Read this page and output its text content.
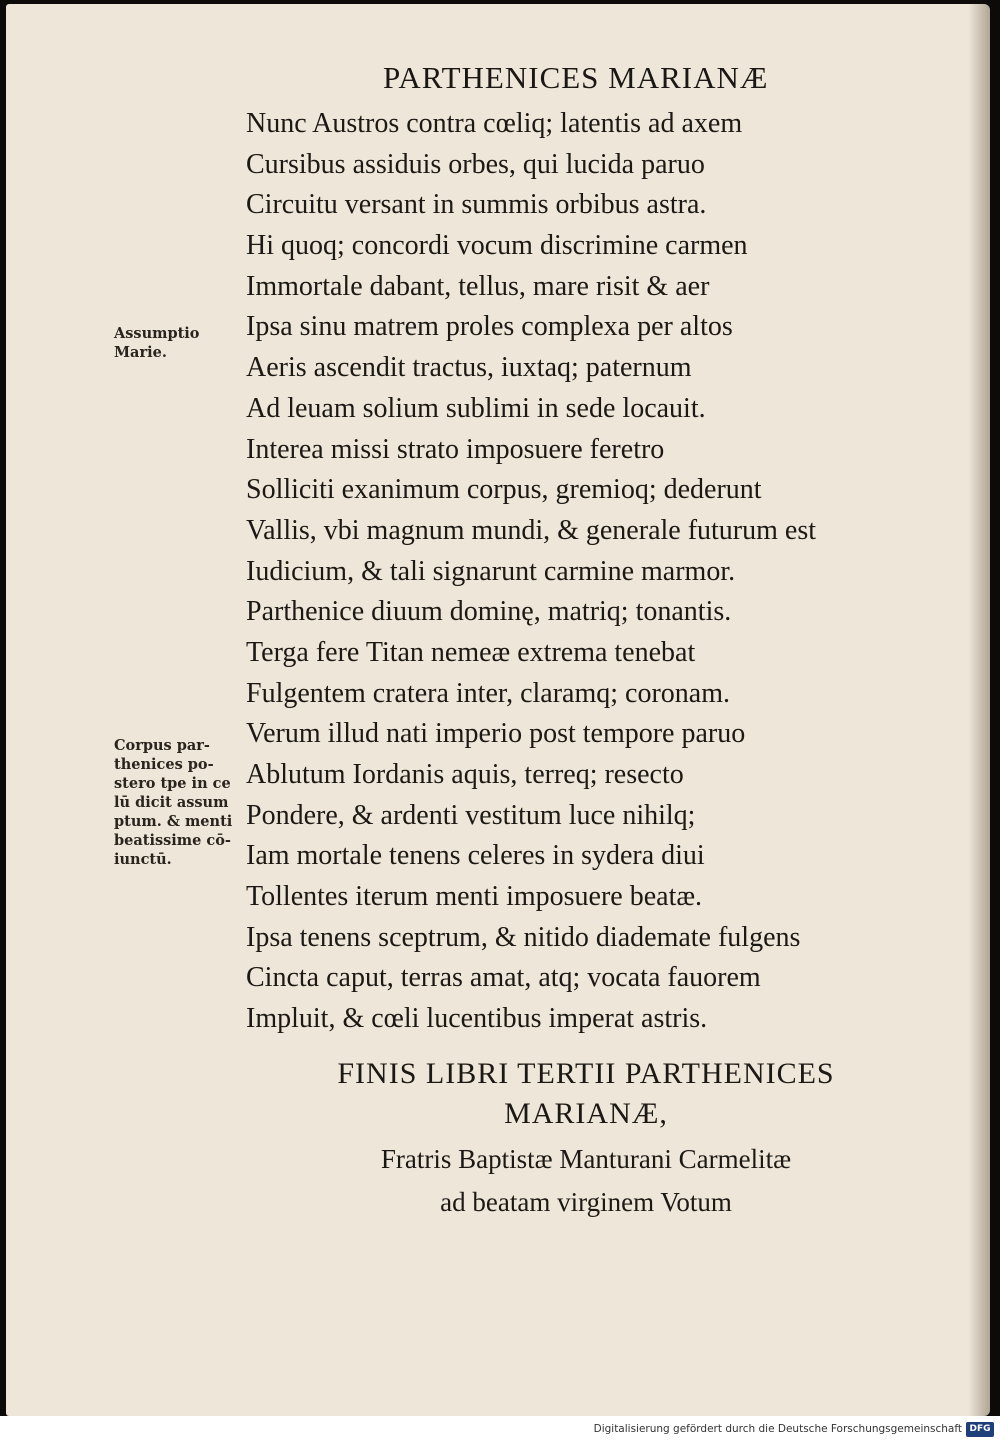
PARTHENICES MARIANÆ
Nunc Austros contra cœliq; latentis ad axem
Cursibus assiduis orbes, qui lucida paruo
Circuitu versant in summis orbibus astra.
Hi quoq; concordi vocum discrimine carmen
Immortale dabant, tellus, mare risit & aer
Ipsa sinu matrem proles complexa per altos
Aeris ascendit tractus, iuxtaq; paternum
Ad leuam solium sublimi in sede locauit.
Interea missi strato imposuere feretro
Solliciti exanimum corpus, gremioq; dederunt
Vallis, vbi magnum mundi, & generale futurum est
Iudicium, & tali signarunt carmine marmor.
Parthenice diuum dominę, matriq; tonantis.
Terga fere Titan nemeæ extrema tenebat
Fulgentem cratera inter, claramq; coronam.
Verum illud nati imperio post tempore paruo
Ablutum Iordanis aquis, terreq; resecto
Pondere, & ardenti vestitum luce nihilq;
Iam mortale tenens celeres in sydera diui
Tollentes iterum menti imposuere beatæ.
Ipsa tenens sceptrum, & nitido diademate fulgens
Cincta caput, terras amat, atq; vocata fauorem
Impluit, & cœli lucentibus imperat astris.
Assumptio
Marie.
Corpus par-
thenices po-
stero tpe in ce
lū dicit assum
ptum. & menti
beatissime cō-
iunctū.
FINIS LIBRI TERTII PARTHENICES
MARIANÆ,
Fratris Baptistæ Manturani Carmelitæ
ad beatam virginem Votum
Digitalisierung gefördert durch die Deutsche Forschungsgemeinschaft DFG
